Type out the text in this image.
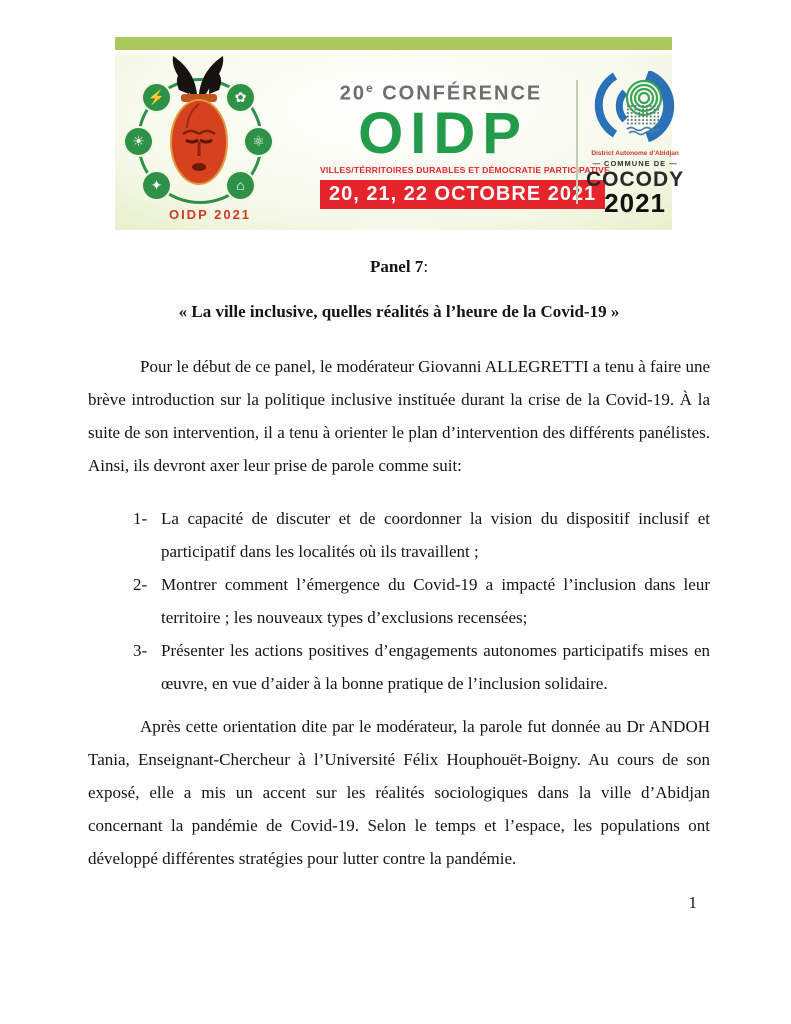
⚡
☀
✦
✿
⚛
⌂
OIDP 2021
20e CONFÉRENCE
OIDP
VILLES/TÉRRITOIRES DURABLES ET DÉMOCRATIE PARTICIPATIVE
20, 21, 22 OCTOBRE 2021
District Autonome d’Abidjan
— COMMUNE DE —
COCODY
2021

Panel 7:

« La ville inclusive, quelles réalités à l’heure de la Covid-19 »

Pour le début de ce panel, le modérateur Giovanni ALLEGRETTI a tenu à faire une brève introduction sur la politique inclusive instituée durant la crise de la Covid-19. À la suite de son intervention, il a tenu à orienter le plan d’intervention des différents panélistes. Ainsi, ils devront axer leur prise de parole comme suit:

1- La capacité de discuter et de coordonner la vision du dispositif inclusif et participatif dans les localités où ils travaillent ;
2- Montrer comment l’émergence du Covid-19 a impacté l’inclusion dans leur territoire ; les nouveaux types d’exclusions recensées;
3- Présenter les actions positives d’engagements autonomes participatifs mises en œuvre, en vue d’aider à la bonne pratique de l’inclusion solidaire.

Après cette orientation dite par le modérateur, la parole fut donnée au Dr ANDOH Tania, Enseignant-Chercheur à l’Université Félix Houphouët-Boigny. Au cours de son exposé, elle a mis un accent sur les réalités sociologiques dans la ville d’Abidjan concernant la pandémie de Covid-19. Selon le temps et l’espace, les populations ont développé différentes stratégies pour lutter contre la pandémie.

1
